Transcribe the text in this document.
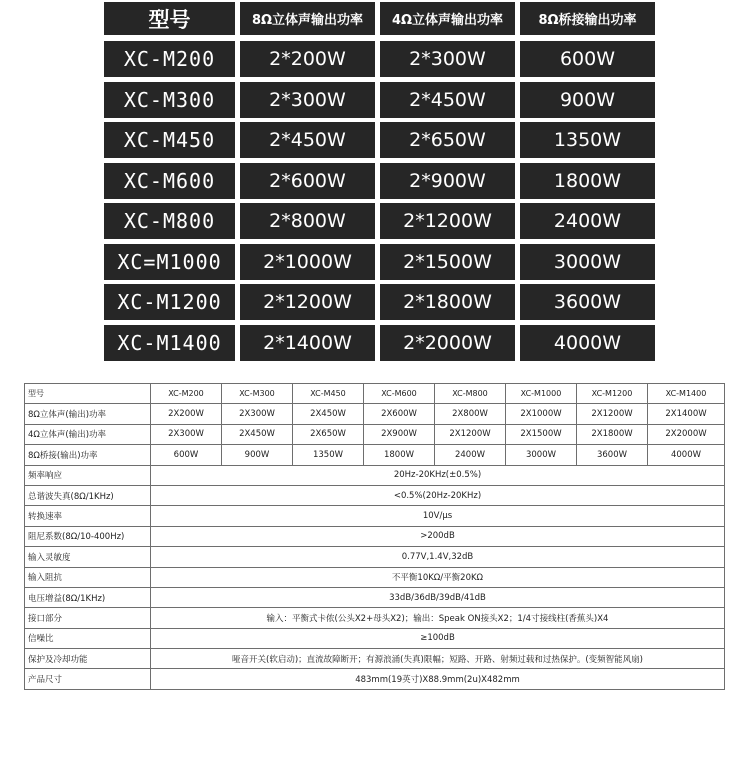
型号	8Ω立体声输出功率	4Ω立体声输出功率	8Ω桥接输出功率
XC-M200	2*200W	2*300W	600W
XC-M300	2*300W	2*450W	900W
XC-M450	2*450W	2*650W	1350W
XC-M600	2*600W	2*900W	1800W
XC-M800	2*800W	2*1200W	2400W
XC=M1000	2*1000W	2*1500W	3000W
XC-M1200	2*1200W	2*1800W	3600W
XC-M1400	2*1400W	2*2000W	4000W
型号	XC-M200	XC-M300	XC-M450	XC-M600	XC-M800	XC-M1000	XC-M1200	XC-M1400
8Ω立体声(输出)功率	2X200W	2X300W	2X450W	2X600W	2X800W	2X1000W	2X1200W	2X1400W
4Ω立体声(输出)功率	2X300W	2X450W	2X650W	2X900W	2X1200W	2X1500W	2X1800W	2X2000W
8Ω桥接(输出)功率	600W	900W	1350W	1800W	2400W	3000W	3600W	4000W
频率响应	20Hz-20KHz(±0.5%)							
总谐波失真(8Ω/1KHz)	<0.5%(20Hz-20KHz)							
转换速率	10V/μs							
阻尼系数(8Ω/10-400Hz)	>200dB							
输入灵敏度	0.77V,1.4V,32dB							
输入阻抗	不平衡10KΩ/平衡20KΩ							
电压增益(8Ω/1KHz)	33dB/36dB/39dB/41dB							
接口部分	输入：平衡式卡侬(公头X2+母头X2)；输出：Speak ON接头X2；1/4寸接线柱(香蕉头)X4							
信噪比	≥100dB							
保护及冷却功能	哑音开关(软启动)；直流故障断开；有源浪涌(失真)限幅；短路、开路、射频过载和过热保护。(变频智能风扇)							
产品尺寸	483mm(19英寸)X88.9mm(2u)X482mm							
